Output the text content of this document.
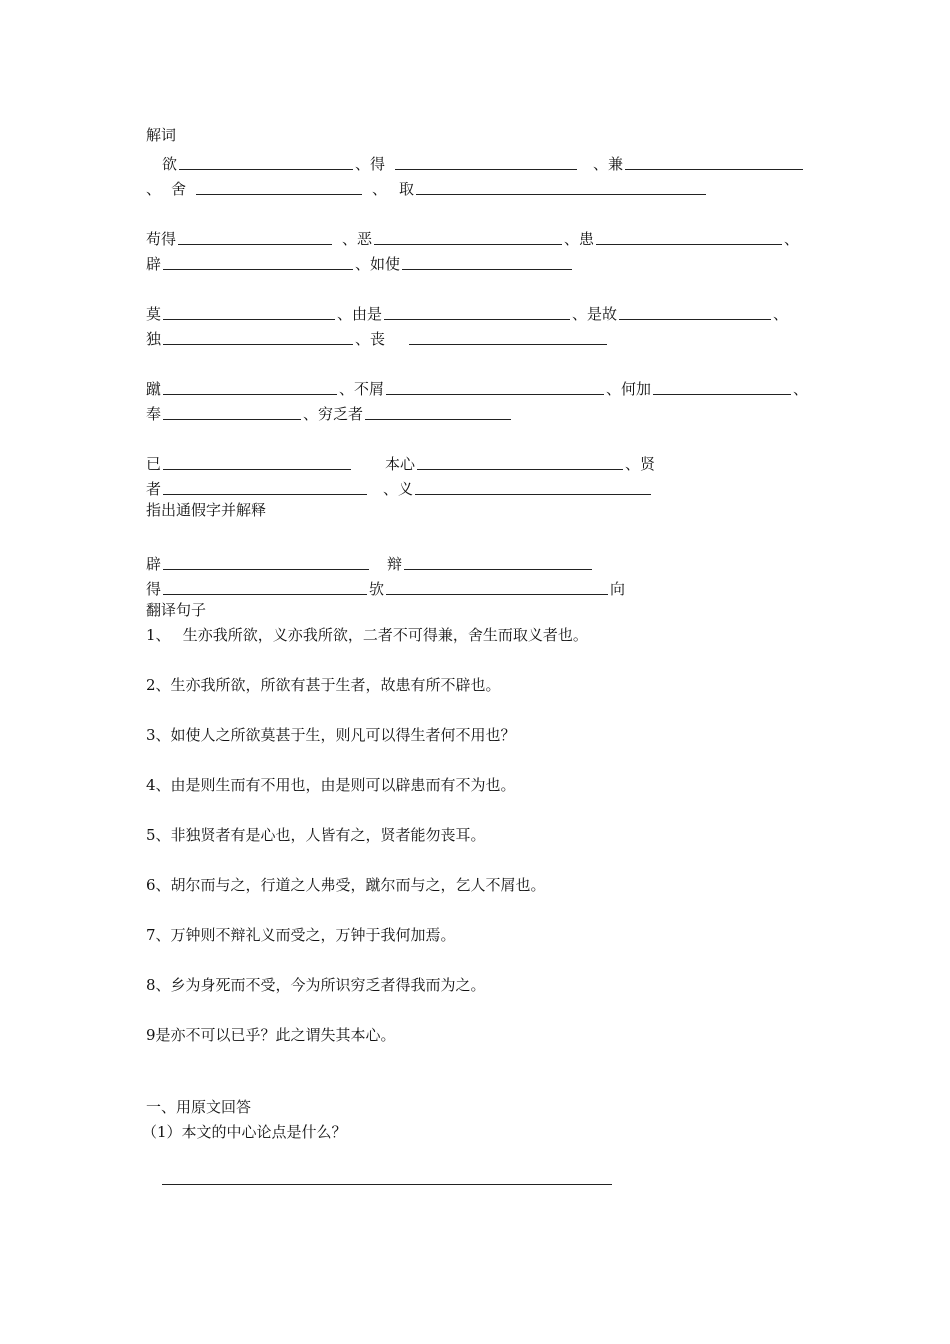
解词
欲	、得	、兼
、 舍	、 取
苟得	、恶	、患	、
辟	、如使
莫	、由是	、是故	、
独	、丧
蹴	、不屑	、何加	、
奉	、穷乏者
已	本心	、贤
者	、义
指出通假字并解释
辟	辩
得	欤	向
翻译句子
1、　 生亦我所欲，义亦我所欲，二者不可得兼，舍生而取义者也。
2、生亦我所欲，所欲有甚于生者，故患有所不辟也。
3、如使人之所欲莫甚于生，则凡可以得生者何不用也？
4、由是则生而有不用也，由是则可以辟患而有不为也。
5、非独贤者有是心也，人皆有之，贤者能勿丧耳。
6、胡尔而与之，行道之人弗受，蹴尔而与之，乞人不屑也。
7、万钟则不辩礼义而受之，万钟于我何加焉。
8、乡为身死而不受，今为所识穷乏者得我而为之。
9是亦不可以已乎？此之谓失其本心。
一、用原文回答
（1）本文的中心论点是什么？
